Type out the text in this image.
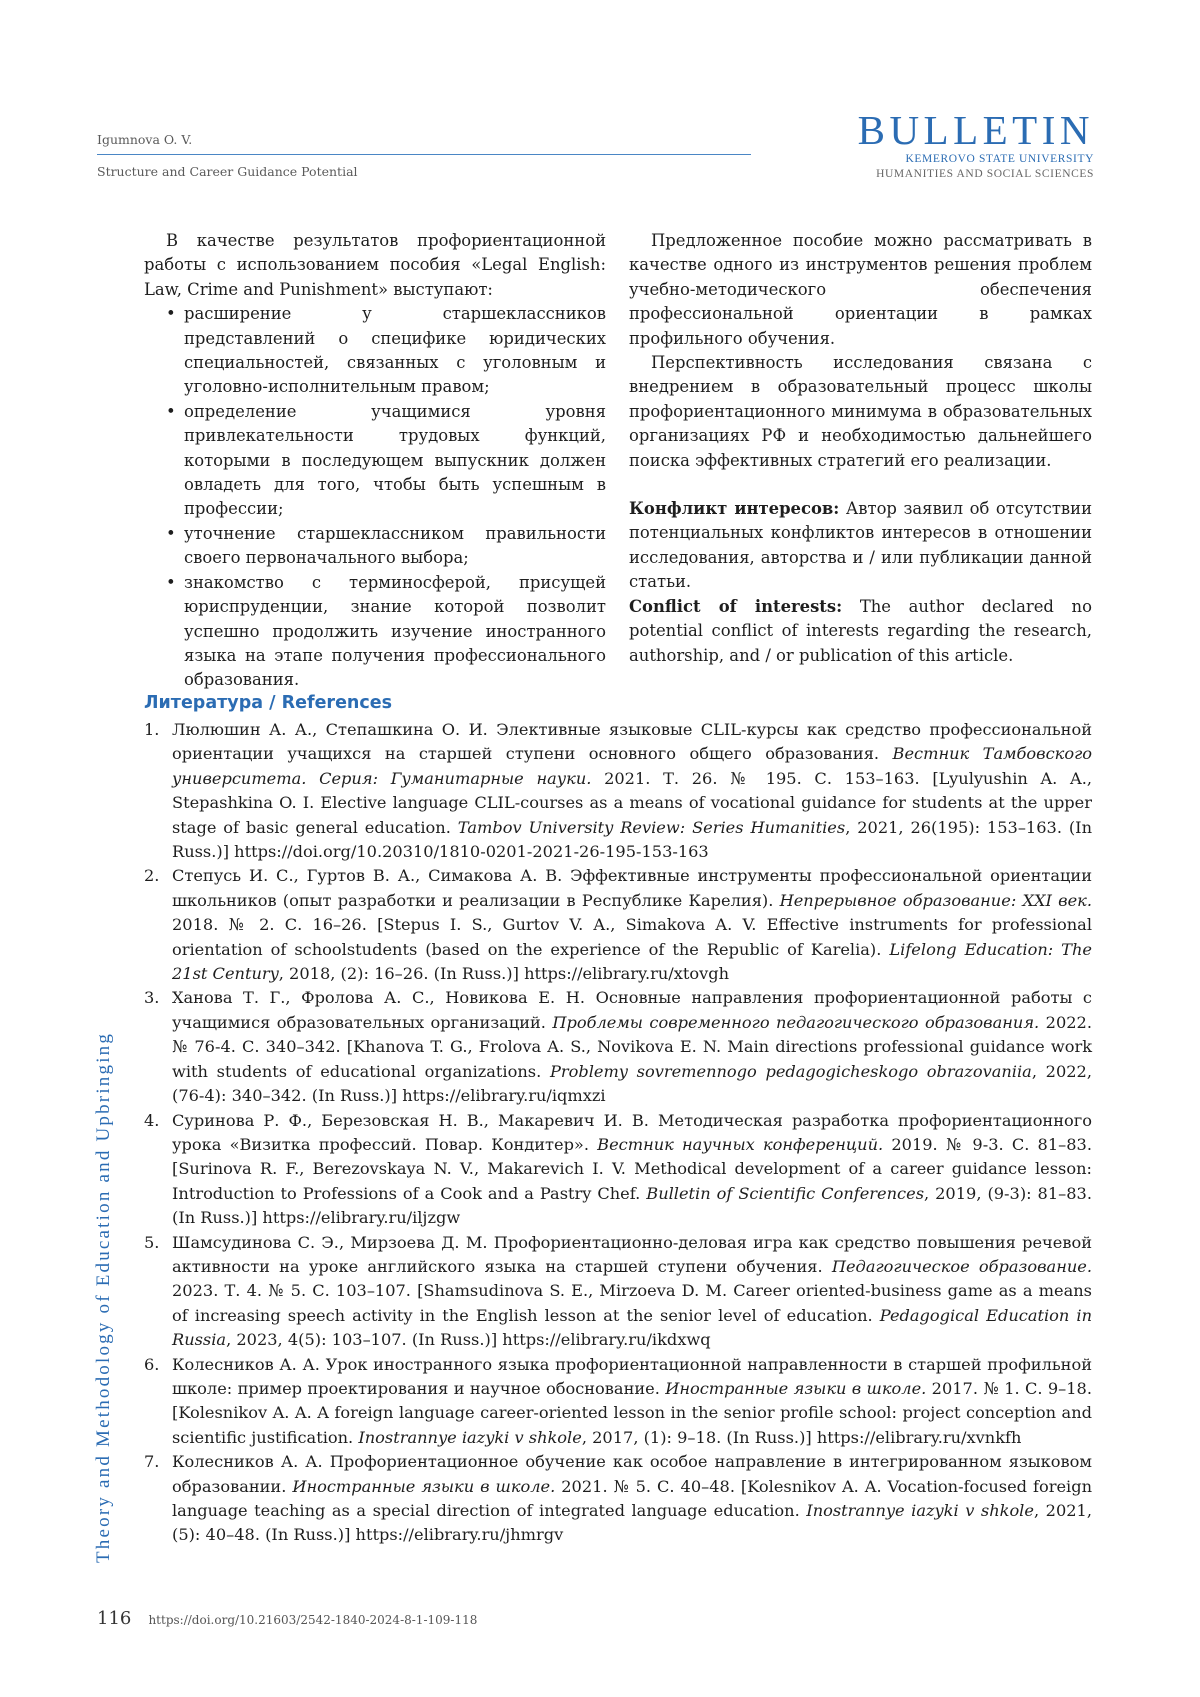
Igumnova O. V.
Structure and Career Guidance Potential
BULLETIN
KEMEROVO STATE UNIVERSITY
HUMANITIES AND SOCIAL SCIENCES
Theory and Methodology of Education and Upbringing

В качестве результатов профориентационной работы с использованием пособия «Legal English: Law, Crime and Punishment» выступают:

• расширение у старшеклассников представлений о специфике юридических специальностей, связанных с уголовным и уголовно-исполнительным правом;
• определение учащимися уровня привлекательности трудовых функций, которыми в последующем выпускник должен овладеть для того, чтобы быть успешным в профессии;
• уточнение старшеклассником правильности своего первоначального выбора;
• знакомство с терминосферой, присущей юриспруденции, знание которой позволит успешно продолжить изучение иностранного языка на этапе получения профессионального образования.

Предложенное пособие можно рассматривать в качестве одного из инструментов решения проблем учебно-методического обеспечения профессиональной ориентации в рамках профильного обучения.

Перспективность исследования связана с внедрением в образовательный процесс школы профориентационного минимума в образовательных организациях РФ и необходимостью дальнейшего поиска эффективных стратегий его реализации.

Конфликт интересов: Автор заявил об отсутствии потенциальных конфликтов интересов в отношении исследования, авторства и / или публикации данной статьи.

Conflict of interests: The author declared no potential conflict of interests regarding the research, authorship, and / or publication of this article.

Литература / References
1. Люлюшин А. А., Степашкина О. И. Элективные языковые CLIL-курсы как средство профессиональной ориентации учащихся на старшей ступени основного общего образования. Вестник Тамбовского университета. Серия: Гуманитарные науки. 2021. Т. 26. № 195. С. 153–163. [Lyulyushin A. A., Stepashkina O. I. Elective language CLIL-courses as a means of vocational guidance for students at the upper stage of basic general education. Tambov University Review: Series Humanities, 2021, 26(195): 153–163. (In Russ.)] https://doi.org/10.20310/1810-0201-2021-26-195-153-163
2. Степусь И. С., Гуртов В. А., Симакова А. В. Эффективные инструменты профессиональной ориентации школьников (опыт разработки и реализации в Республике Карелия). Непрерывное образование: XXI век. 2018. № 2. С. 16–26. [Stepus I. S., Gurtov V. A., Simakova A. V. Effective instruments for professional orientation of schoolstudents (based on the experience of the Republic of Karelia). Lifelong Education: The 21st Century, 2018, (2): 16–26. (In Russ.)] https://elibrary.ru/xtovgh
3. Ханова Т. Г., Фролова А. С., Новикова Е. Н. Основные направления профориентационной работы с учащимися образовательных организаций. Проблемы современного педагогического образования. 2022. № 76-4. С. 340–342. [Khanova T. G., Frolova A. S., Novikova E. N. Main directions professional guidance work with students of educational organizations. Problemy sovremennogo pedagogicheskogo obrazovaniia, 2022, (76-4): 340–342. (In Russ.)] https://elibrary.ru/iqmxzi
4. Суринова Р. Ф., Березовская Н. В., Макаревич И. В. Методическая разработка профориентационного урока «Визитка профессий. Повар. Кондитер». Вестник научных конференций. 2019. № 9-3. С. 81–83. [Surinova R. F., Berezovskaya N. V., Makarevich I. V. Methodical development of a career guidance lesson: Introduction to Professions of a Cook and a Pastry Chef. Bulletin of Scientific Conferences, 2019, (9-3): 81–83. (In Russ.)] https://elibrary.ru/iljzgw
5. Шамсудинова С. Э., Мирзоева Д. М. Профориентационно-деловая игра как средство повышения речевой активности на уроке английского языка на старшей ступени обучения. Педагогическое образование. 2023. Т. 4. № 5. С. 103–107. [Shamsudinova S. E., Mirzoeva D. M. Career oriented-business game as a means of increasing speech activity in the English lesson at the senior level of education. Pedagogical Education in Russia, 2023, 4(5): 103–107. (In Russ.)] https://elibrary.ru/ikdxwq
6. Колесников А. А. Урок иностранного языка профориентационной направленности в старшей профильной школе: пример проектирования и научное обоснование. Иностранные языки в школе. 2017. № 1. С. 9–18. [Kolesnikov A. A. A foreign language career-oriented lesson in the senior profile school: project conception and scientific justification. Inostrannye iazyki v shkole, 2017, (1): 9–18. (In Russ.)] https://elibrary.ru/xvnkfh
7. Колесников А. А. Профориентационное обучение как особое направление в интегрированном языковом образовании. Иностранные языки в школе. 2021. № 5. С. 40–48. [Kolesnikov A. A. Vocation-focused foreign language teaching as a special direction of integrated language education. Inostrannye iazyki v shkole, 2021, (5): 40–48. (In Russ.)] https://elibrary.ru/jhmrgv
116 https://doi.org/10.21603/2542-1840-2024-8-1-109-118
